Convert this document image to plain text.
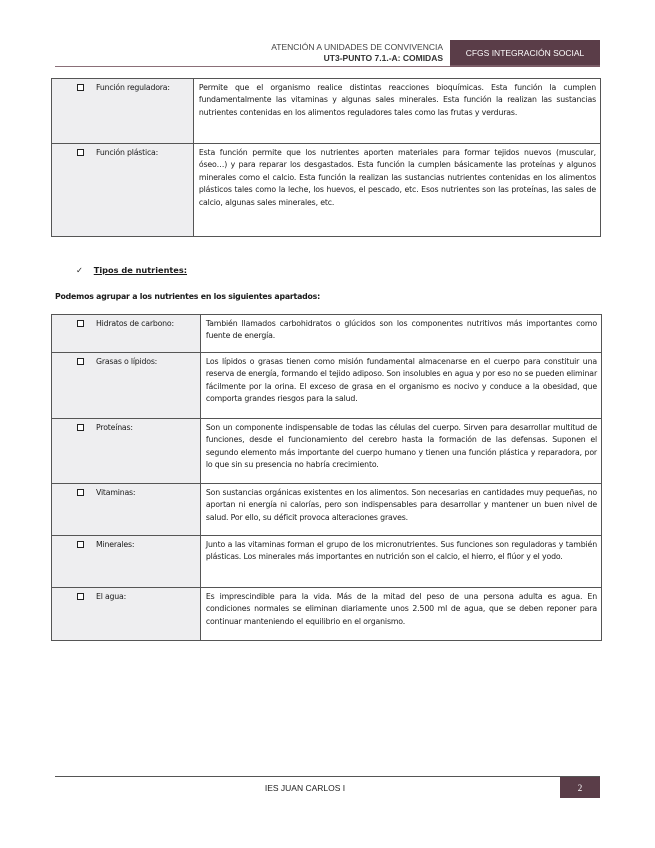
ATENCIÓN A UNIDADES DE CONVIVENCIA
UT3-PUNTO 7.1.-A: COMIDAS
CFGS INTEGRACIÓN SOCIAL
Función reguladora:	Permite que el organismo realice distintas reacciones bioquímicas. Esta función la cumplen fundamentalmente las vitaminas y algunas sales minerales. Esta función la realizan las sustancias nutrientes contenidas en los alimentos reguladores tales como las frutas y verduras.

Función plástica:	Esta función permite que los nutrientes aporten materiales para formar tejidos nuevos (muscular, óseo…) y para reparar los desgastados. Esta función la cumplen básicamente las proteínas y algunos minerales como el calcio. Esta función la realizan las sustancias nutrientes contenidas en los alimentos plásticos tales como la leche, los huevos, el pescado, etc. Esos nutrientes son las proteínas, las sales de calcio, algunas sales minerales, etc.
✓ Tipos de nutrientes:
Podemos agrupar a los nutrientes en los siguientes apartados:
Hidratos de carbono:	También llamados carbohidratos o glúcidos son los componentes nutritivos más importantes como fuente de energía.

Grasas o lípidos:	Los lípidos o grasas tienen como misión fundamental almacenarse en el cuerpo para constituir una reserva de energía, formando el tejido adiposo. Son insolubles en agua y por eso no se pueden eliminar fácilmente por la orina. El exceso de grasa en el organismo es nocivo y conduce a la obesidad, que comporta grandes riesgos para la salud.

Proteínas:	Son un componente indispensable de todas las células del cuerpo. Sirven para desarrollar multitud de funciones, desde el funcionamiento del cerebro hasta la formación de las defensas. Suponen el segundo elemento más importante del cuerpo humano y tienen una función plástica y reparadora, por lo que sin su presencia no habría crecimiento.

Vitaminas:	Son sustancias orgánicas existentes en los alimentos. Son necesarias en cantidades muy pequeñas, no aportan ni energía ni calorías, pero son indispensables para desarrollar y mantener un buen nivel de salud. Por ello, su déficit provoca alteraciones graves.

Minerales:	Junto a las vitaminas forman el grupo de los micronutrientes. Sus funciones son reguladoras y también plásticas. Los minerales más importantes en nutrición son el calcio, el hierro, el flúor y el yodo.

El agua:	Es imprescindible para la vida. Más de la mitad del peso de una persona adulta es agua. En condiciones normales se eliminan diariamente unos 2.500 ml de agua, que se deben reponer para continuar manteniendo el equilibrio en el organismo.
IES JUAN CARLOS I	2
